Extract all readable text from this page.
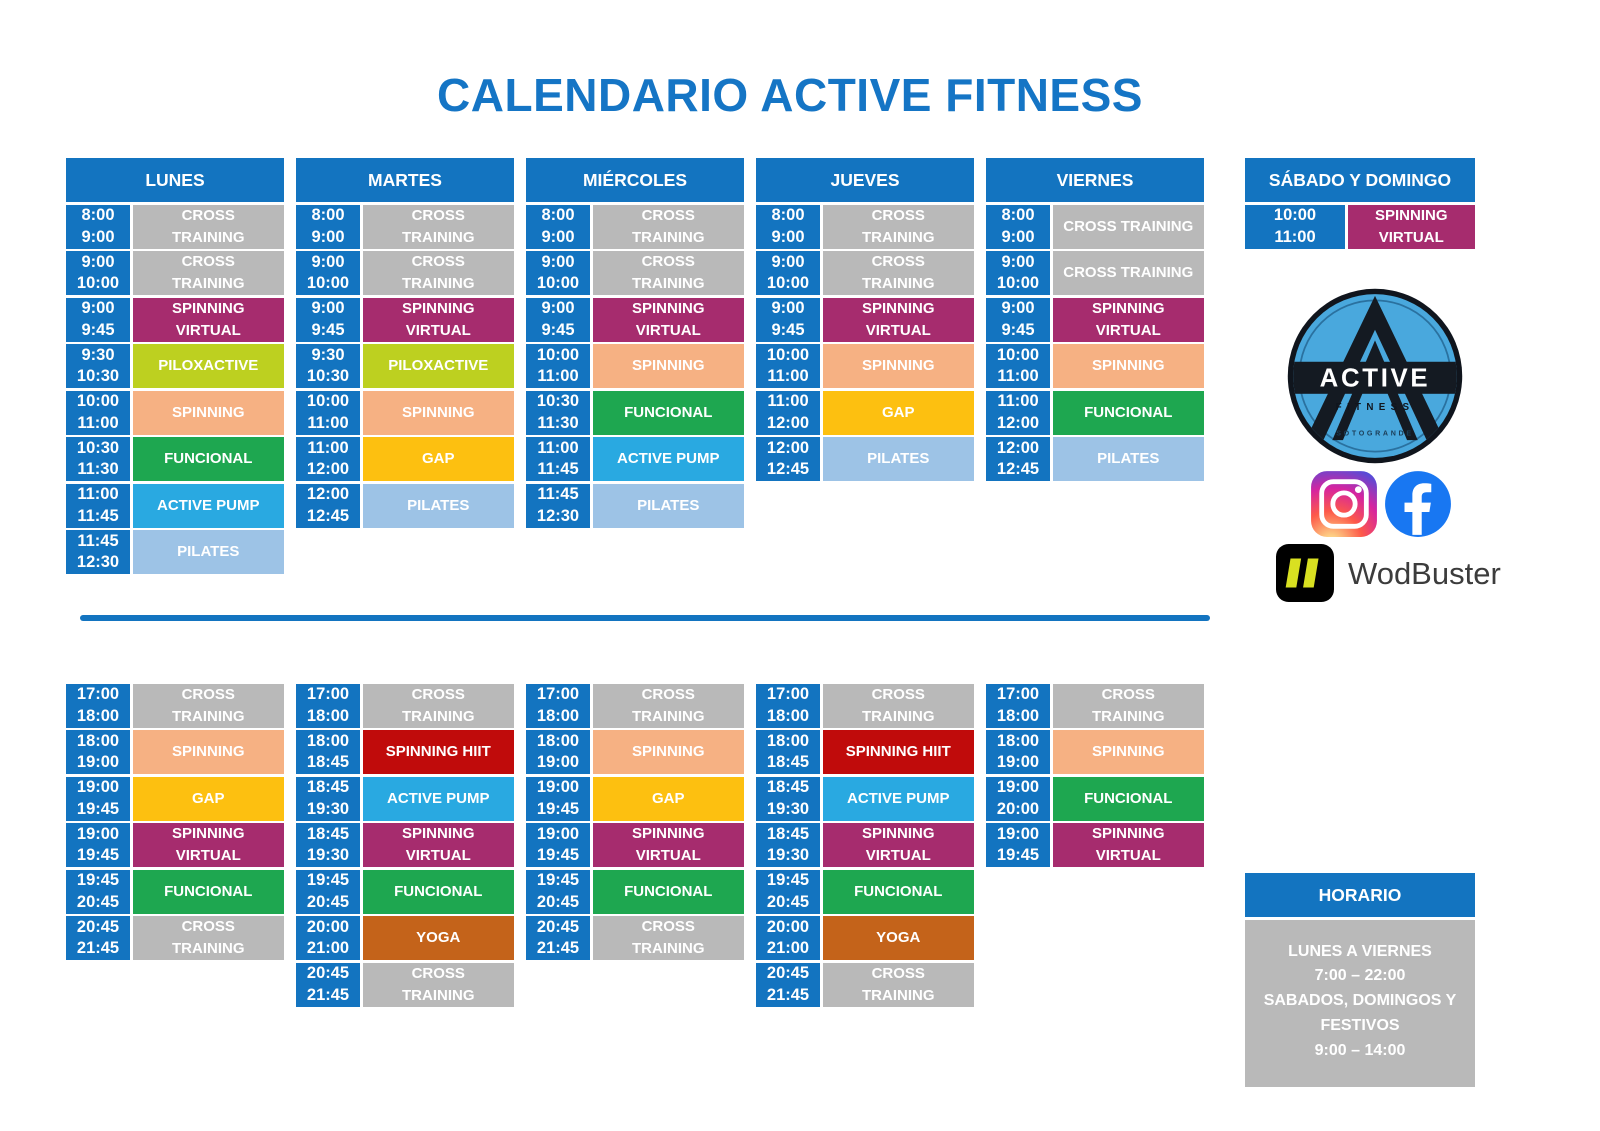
CALENDARIO ACTIVE FITNESS
LUNES
8:00
9:00
CROSS
TRAINING
9:00
10:00
CROSS
TRAINING
9:00
9:45
SPINNING
VIRTUAL
9:30
10:30
PILOXACTIVE
10:00
11:00
SPINNING
10:30
11:30
FUNCIONAL
11:00
11:45
ACTIVE PUMP
11:45
12:30
PILATES
MARTES
8:00
9:00
CROSS
TRAINING
9:00
10:00
CROSS
TRAINING
9:00
9:45
SPINNING
VIRTUAL
9:30
10:30
PILOXACTIVE
10:00
11:00
SPINNING
11:00
12:00
GAP
12:00
12:45
PILATES
MIÉRCOLES
8:00
9:00
CROSS
TRAINING
9:00
10:00
CROSS
TRAINING
9:00
9:45
SPINNING
VIRTUAL
10:00
11:00
SPINNING
10:30
11:30
FUNCIONAL
11:00
11:45
ACTIVE PUMP
11:45
12:30
PILATES
JUEVES
8:00
9:00
CROSS
TRAINING
9:00
10:00
CROSS
TRAINING
9:00
9:45
SPINNING
VIRTUAL
10:00
11:00
SPINNING
11:00
12:00
GAP
12:00
12:45
PILATES
VIERNES
8:00
9:00
CROSS TRAINING
9:00
10:00
CROSS TRAINING
9:00
9:45
SPINNING
VIRTUAL
10:00
11:00
SPINNING
11:00
12:00
FUNCIONAL
12:00
12:45
PILATES
SÁBADO Y DOMINGO
10:00
11:00
SPINNING
VIRTUAL
17:00
18:00
CROSS
TRAINING
18:00
19:00
SPINNING
19:00
19:45
GAP
19:00
19:45
SPINNING
VIRTUAL
19:45
20:45
FUNCIONAL
20:45
21:45
CROSS
TRAINING
17:00
18:00
CROSS
TRAINING
18:00
18:45
SPINNING HIIT
18:45
19:30
ACTIVE PUMP
18:45
19:30
SPINNING
VIRTUAL
19:45
20:45
FUNCIONAL
20:00
21:00
YOGA
20:45
21:45
CROSS
TRAINING
17:00
18:00
CROSS
TRAINING
18:00
19:00
SPINNING
19:00
19:45
GAP
19:00
19:45
SPINNING
VIRTUAL
19:45
20:45
FUNCIONAL
20:45
21:45
CROSS
TRAINING
17:00
18:00
CROSS
TRAINING
18:00
18:45
SPINNING HIIT
18:45
19:30
ACTIVE PUMP
18:45
19:30
SPINNING
VIRTUAL
19:45
20:45
FUNCIONAL
20:00
21:00
YOGA
20:45
21:45
CROSS
TRAINING
17:00
18:00
CROSS
TRAINING
18:00
19:00
SPINNING
19:00
20:00
FUNCIONAL
19:00
19:45
SPINNING
VIRTUAL
HORARIO
LUNES A VIERNES
7:00 – 22:00
SABADOS, DOMINGOS Y FESTIVOS
9:00 – 14:00
ACTIVE
FITNESS
SOTOGRANDE
WodBuster
